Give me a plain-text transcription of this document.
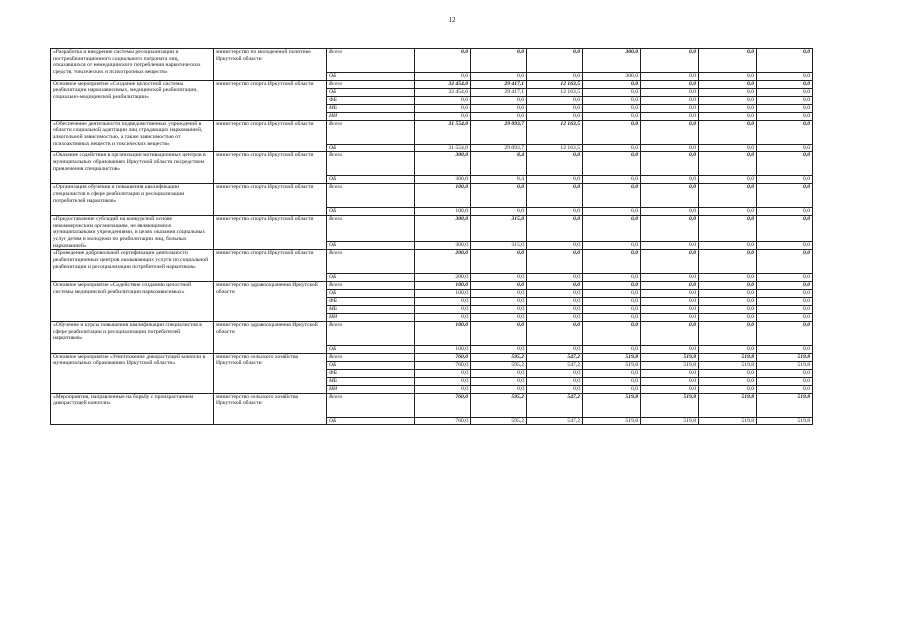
12
«Разработка и внедрение системы ресоциализации и постреабилитационного социального патроната лиц, отказавшихся от немедицинского потребления наркотических средств, токсических и психотропных веществ»	министерство по молодежной политике Иркутской области	Всего	0,0	0,0	0,0	300,0	0,0	0,0	0,0
		ОБ	0,0	0,0	0,0	300,0	0,0	0,0	0,0
Основное мероприятие «Создание целостной системы реабилитации наркозависимых, медицинской реабилитации, социально-медицинской реабилитации»	министерство спорта Иркутской области	Всего	32 454,0	29 417,1	12 163,5	0,0	0,0	0,0	0,0
		ОБ	32 454,0	29 417,1	12 163,5	0,0	0,0	0,0	0,0
		ФБ	0,0	0,0	0,0	0,0	0,0	0,0	0,0
		МБ	0,0	0,0	0,0	0,0	0,0	0,0	0,0
		ИИ	0,0	0,0	0,0	0,0	0,0	0,0	0,0
«Обеспечение деятельности подведомственных учреждений в области социальной адаптации лиц страдающих наркоманией, алкогольной зависимостью, а также зависимостью от психоактивных веществ и токсических веществ»	министерство спорта Иркутской области	Всего	31 554,0	29 093,7	12 163,5	0,0	0,0	0,0	0,0
		ОБ	31 554,0	29 093,7	12 163,5	0,0	0,0	0,0	0,0
«Оказание содействия в организации мотивационных центров в муниципальных образованиях Иркутской области посредством привлечения специалистов»	министерство спорта Иркутской области	Всего	300,0	8,4	0,0	0,0	0,0	0,0	0,0
		ОБ	300,0	8,4	0,0	0,0	0,0	0,0	0,0
«Организация обучения и повышения квалификации специалистов в сфере реабилитации и ресоциализации потребителей наркотиков»	министерство спорта Иркутской области	Всего	100,0	0,0	0,0	0,0	0,0	0,0	0,0
		ОБ	100,0	0,0	0,0	0,0	0,0	0,0	0,0
«Предоставление субсидий на конкурсной основе некоммерческим организациям, не являющимися муниципальными учреждениями, в целях оказания социальных услуг детям и молодежи по реабилитации лиц, больных наркоманией»	министерство спорта Иркутской области	Всего	300,0	315,0	0,0	0,0	0,0	0,0	0,0
		ОБ	300,0	315,0	0,0	0,0	0,0	0,0	0,0
«Проведение добровольной сертификации деятельности реабилитационных центров оказывающих услуги по социальной реабилитации и ресоциализации потребителей наркотиков»	министерство спорта Иркутской области	Всего	200,0	0,0	0,0	0,0	0,0	0,0	0,0
		ОБ	200,0	0,0	0,0	0,0	0,0	0,0	0,0
Основное мероприятие «Содействие созданию целостной системы медицинской реабилитации наркозависимых»	министерство здравоохранения Иркутской области	Всего	100,0	0,0	0,0	0,0	0,0	0,0	0,0
		ОБ	100,0	0,0	0,0	0,0	0,0	0,0	0,0
		ФБ	0,0	0,0	0,0	0,0	0,0	0,0	0,0
		МБ	0,0	0,0	0,0	0,0	0,0	0,0	0,0
		ИИ	0,0	0,0	0,0	0,0	0,0	0,0	0,0
«Обучение и курсы повышения квалификации специалистов в сфере реабилитации и ресоциализации потребителей наркотиков»	министерство здравоохранения Иркутской области	Всего	100,0	0,0	0,0	0,0	0,0	0,0	0,0
		ОБ	100,0	0,0	0,0	0,0	0,0	0,0	0,0
Основное мероприятие «Уничтожение дикорастущей конопли в муниципальных образованиях Иркутской области»	министерство сельского хозяйства Иркутской области	Всего	760,0	595,2	547,2	519,8	519,8	519,8	519,8
		ОБ	760,0	595,2	547,2	519,8	519,8	519,8	519,8
		ФБ	0,0	0,0	0,0	0,0	0,0	0,0	0,0
		МБ	0,0	0,0	0,0	0,0	0,0	0,0	0,0
		ИИ	0,0	0,0	0,0	0,0	0,0	0,0	0,0
«Мероприятия, направленные на борьбу с произрастанием дикорастущей конопли»	министерство сельского хозяйства Иркутской области	Всего	760,0	595,2	547,2	519,8	519,8	519,8	519,8
		ОБ	760,0	595,2	547,2	519,8	519,8	519,8	519,8
